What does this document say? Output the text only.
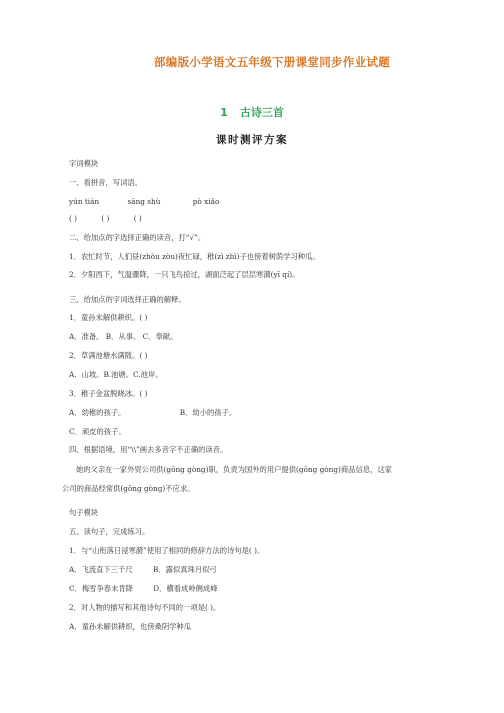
部编版小学语文五年级下册课堂同步作业试题
1 古诗三首
课时测评方案
字词模块
一、看拼音，写词语。
yún tián	sāng shù	pò xiǎo
( )	( )	( )
二、给加点的字选择正确的读音，打“√”。
1．农忙时节，人们昼(zhòu zòu)夜忙碌，稚(zì zhì)子也傍着树荫学习种瓜。
2．夕阳西下，气温骤降，一只飞鸟掠过，湖面泛起了层层寒漪(yī qí)。
三、给加点的字词选择正确的解释。
1．童孙未解供耕织。( )
A．准备。 B．从事。 C．奉献。
2．草满池塘水满陂。( )
A．山坡。B.池塘。C.池岸。
3．稚子金盆脱晓冰。( )
A．幼稚的孩子。	B．幼小的孩子。
C．顽皮的孩子。
四、根据语境，用“\\”画去多音字不正确的读音。
她的父亲在一家外贸公司供(gōng gòng)职，负责为国外的用户提供(gōng gòng)商品信息，这家
公司的商品经常供(gōng gòng)不应求。
句子模块
五、读句子，完成练习。
1．与“山衔落日浸寒漪”使用了相同的修辞方法的诗句是( )。
A．飞流直下三千尺	B．露似真珠月似弓
C．梅雪争春未肯降	D．横看成岭侧成峰
2．对人物的描写和其他诗句不同的一项是( )。
A．童孙未解供耕织，也傍桑阴学种瓜
